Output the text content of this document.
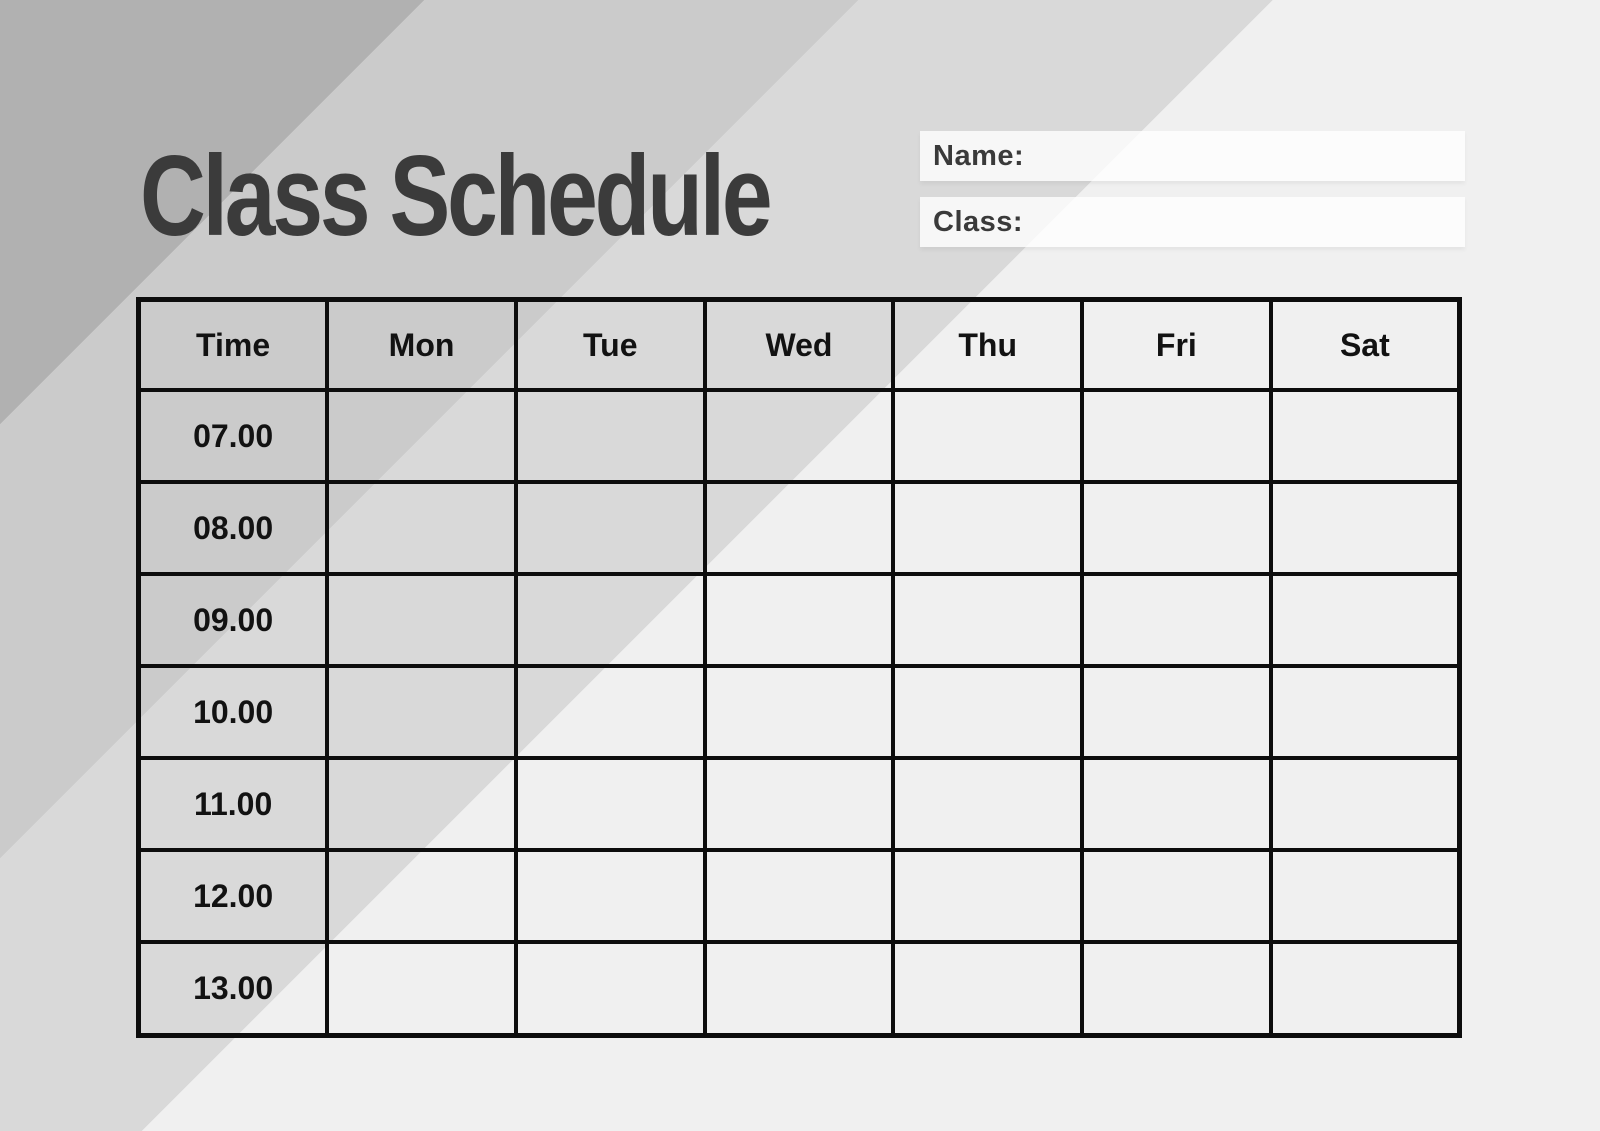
Class Schedule	Name:
Class:
Time	Mon	Tue	Wed	Thu	Fri	Sat
07.00						
08.00						
09.00						
10.00						
11.00						
12.00						
13.00						
